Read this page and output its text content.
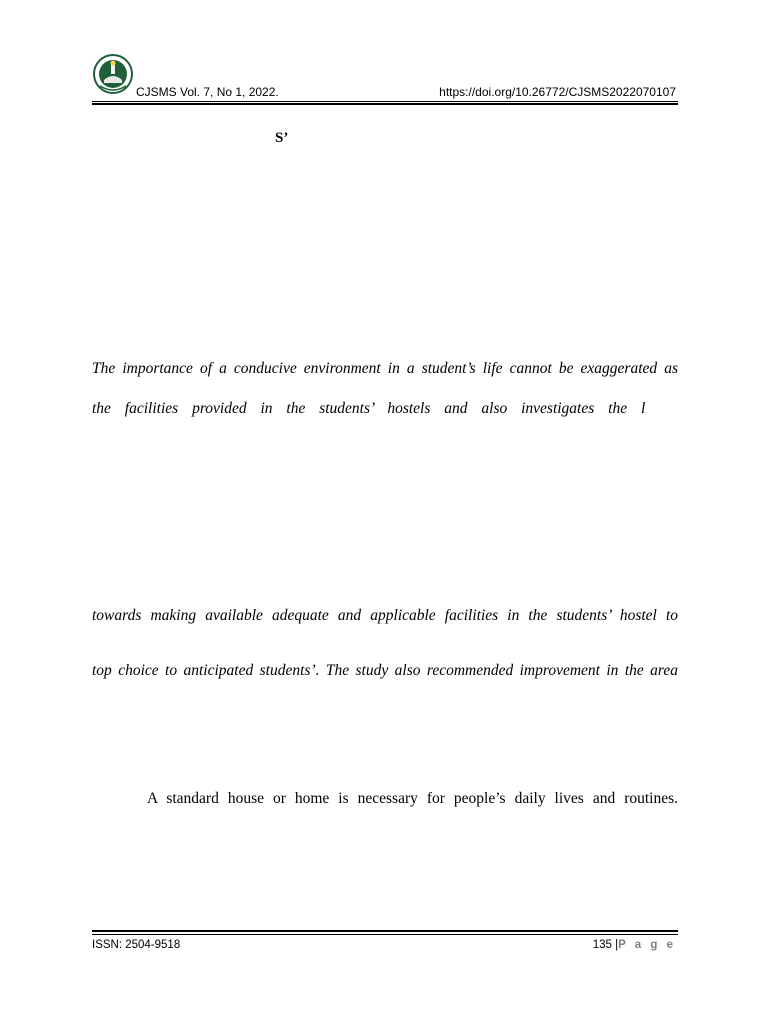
CJSMS Vol. 7, No 1, 2022.	https://doi.org/10.26772/CJSMS2022070107
S’
The importance of a conducive environment in a student’s life cannot be exaggerated as
the facilities provided in the students’ hostels and also investigates the l
towards making available adequate and applicable facilities in the students’ hostel to
top choice to anticipated students’. The study also recommended improvement in the area
A standard house or home is necessary for people’s daily lives and routines.
ISSN: 2504-9518	135 |P a g e
